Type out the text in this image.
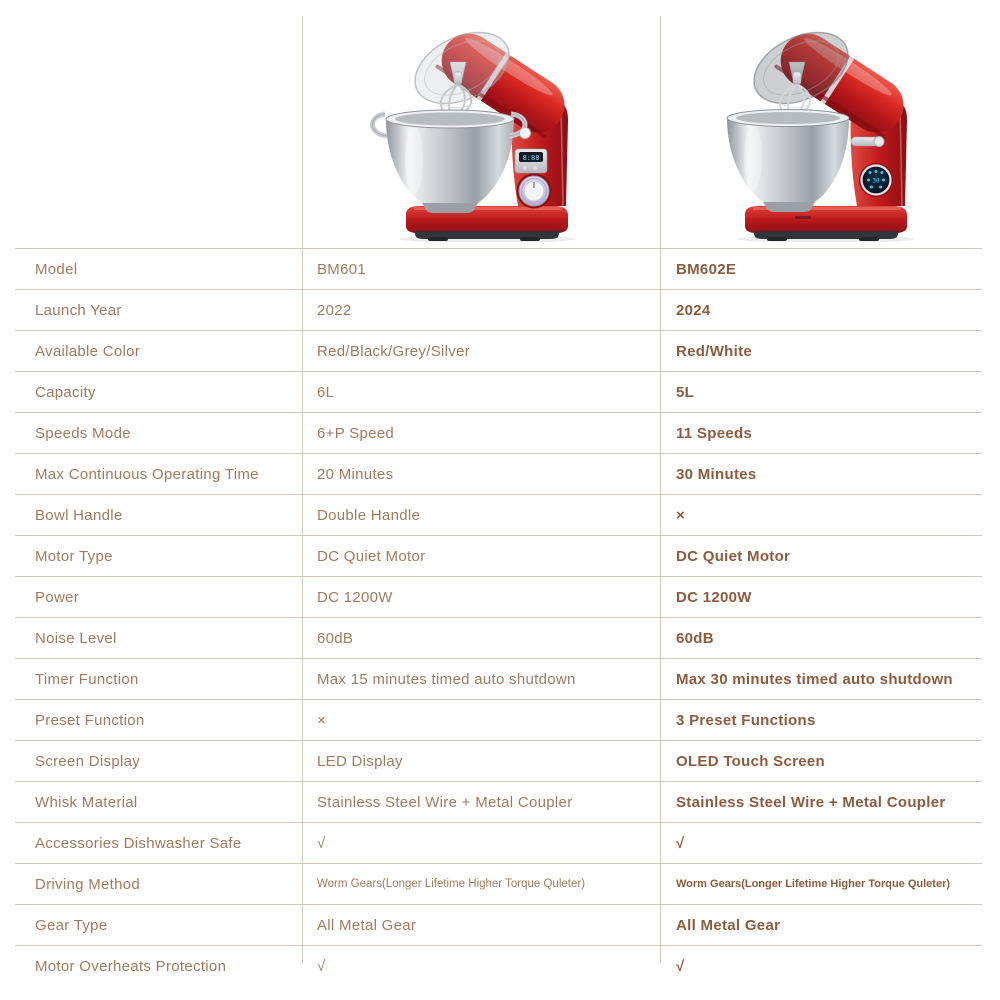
8:88
30
Model	BM601	BM602E
Launch Year	2022	2024
Available Color	Red/Black/Grey/Silver	Red/White
Capacity	6L	5L
Speeds Mode	6+P Speed	11 Speeds
Max Continuous Operating Time	20 Minutes	30 Minutes
Bowl Handle	Double Handle	×
Motor Type	DC Quiet Motor	DC Quiet Motor
Power	DC 1200W	DC 1200W
Noise Level	60dB	60dB
Timer Function	Max 15 minutes timed auto shutdown	Max 30 minutes timed auto shutdown
Preset Function	×	3 Preset Functions
Screen Display	LED Display	OLED Touch Screen
Whisk Material	Stainless Steel Wire + Metal Coupler	Stainless Steel Wire + Metal Coupler
Accessories Dishwasher Safe	√	√
Driving Method	Worm Gears(Longer Lifetime Higher Torque Quleter)	Worm Gears(Longer Lifetime Higher Torque Quleter)
Gear Type	All Metal Gear	All Metal Gear
Motor Overheats Protection	√	√
